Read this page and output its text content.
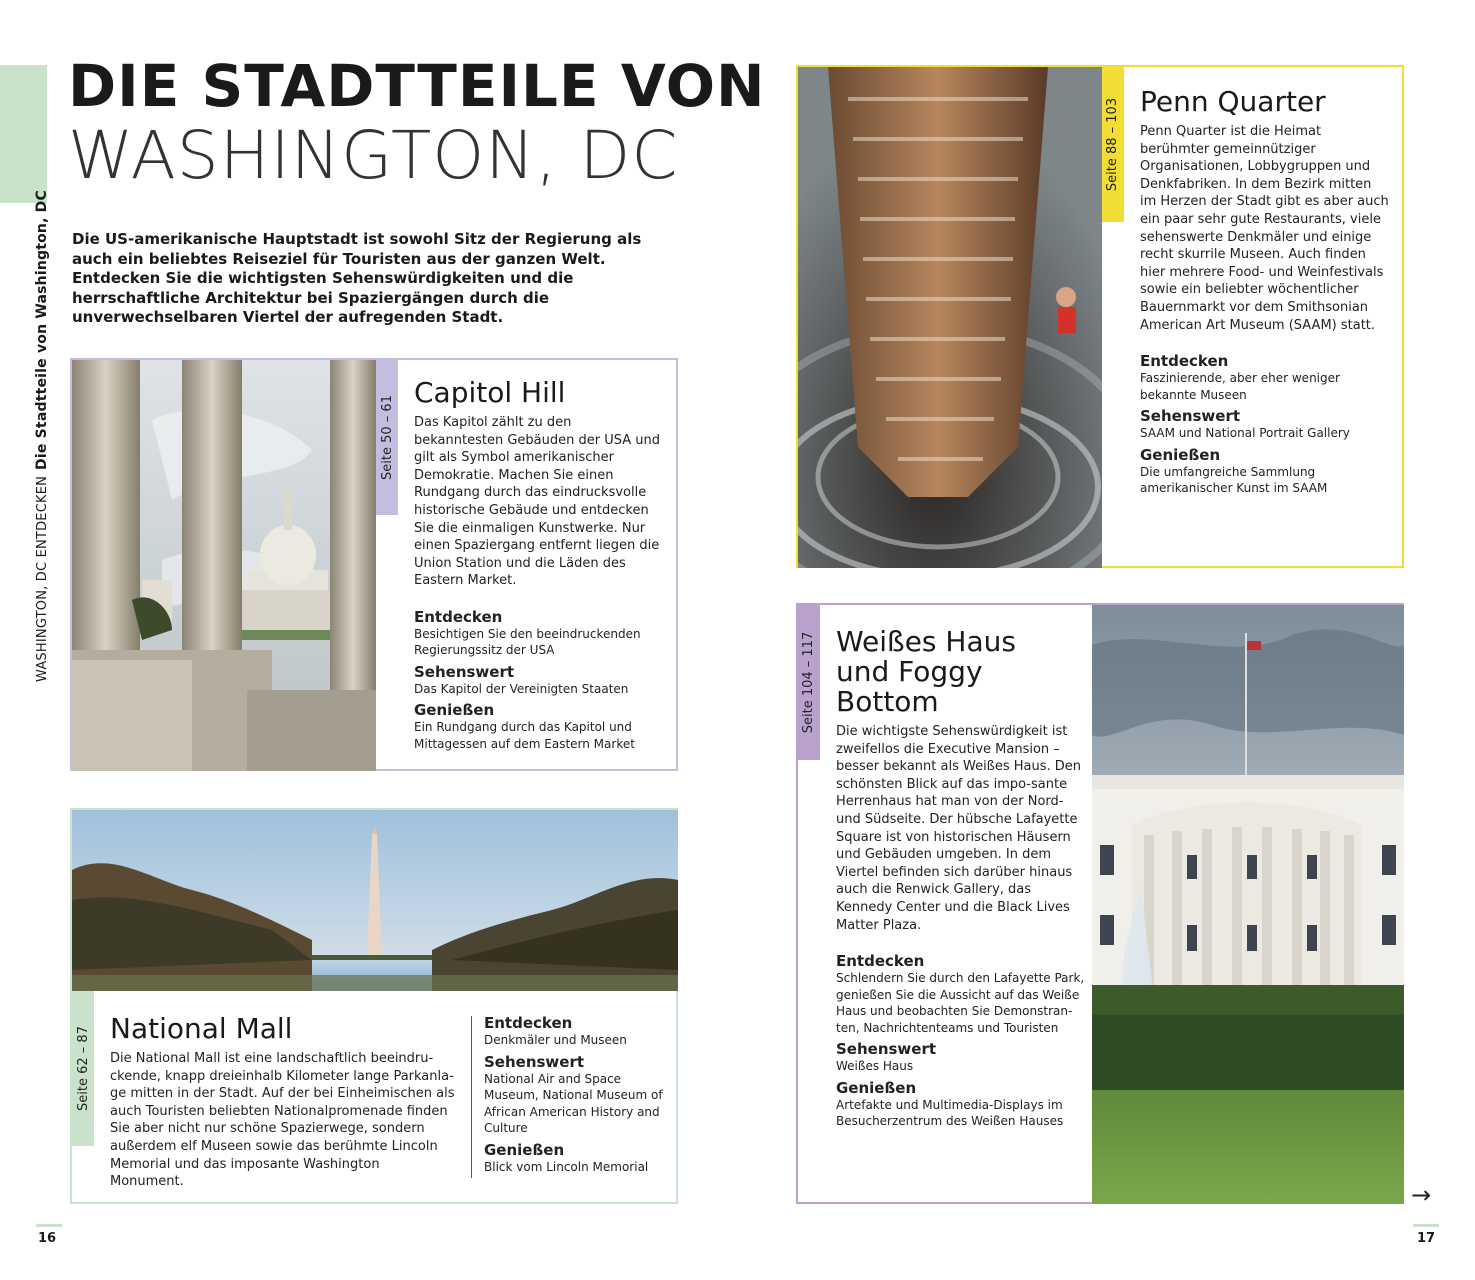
WASHINGTON, DC ENTDECKENDie Stadtteile von Washington, DC
DIE STADTTEILE VON
WASHINGTON, DC
Die US-amerikanische Hauptstadt ist sowohl Sitz der Regierung als auch ein beliebtes Reiseziel für Touristen aus der ganzen Welt. Entdecken Sie die wichtigsten Sehenswürdigkeiten und die herrschaftliche Architektur bei Spaziergängen durch die unverwechselbaren Viertel der aufregenden Stadt.
Seite 50 – 61
Capitol Hill

Das Kapitol zählt zu den bekanntesten Gebäuden der USA und gilt als Symbol amerikanischer Demokratie. Machen Sie einen Rundgang durch das eindrucksvolle historische Gebäude und entdecken Sie die einmaligen Kunstwerke. Nur einen Spaziergang entfernt liegen die Union Station und die Läden des Eastern Market.

Entdecken

Besichtigen Sie den beeindruckenden Regierungssitz der USA

Sehenswert

Das Kapitol der Vereinigten Staaten

Genießen

Ein Rundgang durch das Kapitol und Mittagessen auf dem Eastern Market

Seite 62 – 87 National Mall

Die National Mall ist eine landschaftlich beeindru-ckende, knapp dreieinhalb Kilometer lange Parkanla-ge mitten in der Stadt. Auf der bei Einheimischen als auch Touristen beliebten Nationalpromenade finden Sie aber nicht nur schöne Spazierwege, sondern außerdem elf Museen sowie das berühmte Lincoln Memorial und das imposante Washington Monument.

Entdecken

Denkmäler und Museen

Sehenswert

National Air and Space Museum, National Museum of African American History and Culture

Genießen

Blick vom Lincoln Memorial

Seite 88 – 103 Penn Quarter

Penn Quarter ist die Heimat berühmter gemeinnütziger Organisationen, Lobbygruppen und Denkfabriken. In dem Bezirk mitten im Herzen der Stadt gibt es aber auch ein paar sehr gute Restaurants, viele sehenswerte Denkmäler und einige recht skurrile Museen. Auch finden hier mehrere Food- und Weinfestivals sowie ein beliebter wöchentlicher Bauernmarkt vor dem Smithsonian American Art Museum (SAAM) statt.

Entdecken

Faszinierende, aber eher weniger bekannte Museen

Sehenswert

SAAM und National Portrait Gallery

Genießen

Die umfangreiche Sammlung amerikanischer Kunst im SAAM

Seite 104 – 117 Weißes Haus
und Foggy
Bottom

Die wichtigste Sehenswürdigkeit ist zweifellos die Executive Mansion – besser bekannt als Weißes Haus. Den schönsten Blick auf das impo-sante Herrenhaus hat man von der Nord- und Südseite. Der hübsche Lafayette Square ist von historischen Häusern und Gebäuden umgeben. In dem Viertel befinden sich darüber hinaus auch die Renwick Gallery, das Kennedy Center und die Black Lives Matter Plaza.

Entdecken

Schlendern Sie durch den Lafayette Park, genießen Sie die Aussicht auf das Weiße Haus und beobachten Sie Demonstran-ten, Nachrichtenteams und Touristen

Sehenswert

Weißes Haus

Genießen

Artefakte und Multimedia-Displays im Besucherzentrum des Weißen Hauses

16	17
→
